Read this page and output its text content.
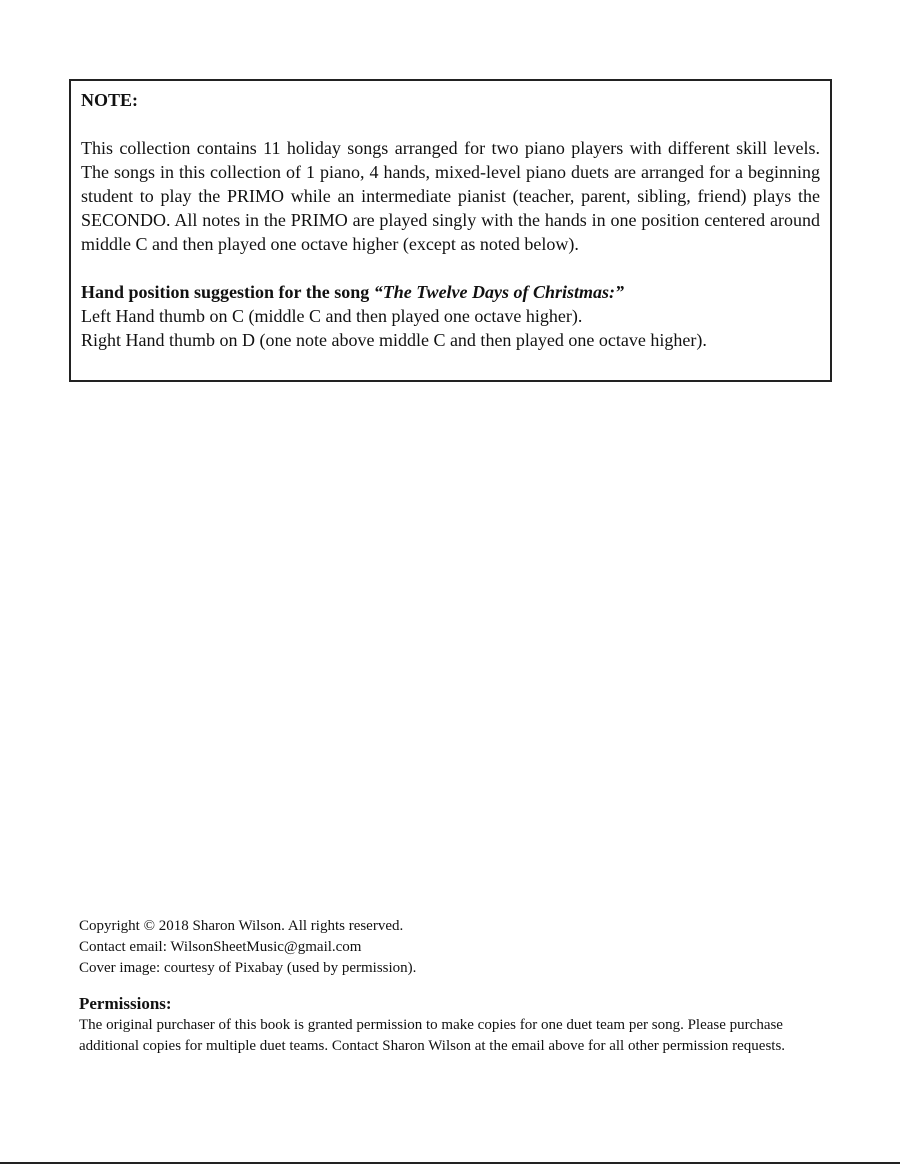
NOTE:

This collection contains 11 holiday songs arranged for two piano players with different skill levels. The songs in this collection of 1 piano, 4 hands, mixed-level piano duets are arranged for a beginning student to play the PRIMO while an intermediate pianist (teacher, parent, sibling, friend) plays the SECONDO. All notes in the PRIMO are played singly with the hands in one position centered around middle C and then played one octave higher (except as noted below).

Hand position suggestion for the song “The Twelve Days of Christmas:”

Left Hand thumb on C (middle C and then played one octave higher).

Right Hand thumb on D (one note above middle C and then played one octave higher).

Copyright © 2018 Sharon Wilson. All rights reserved.

Contact email: WilsonSheetMusic@gmail.com

Cover image: courtesy of Pixabay (used by permission).

Permissions:

The original purchaser of this book is granted permission to make copies for one duet team per song. Please purchase additional copies for multiple duet teams. Contact Sharon Wilson at the email above for all other permission requests.
